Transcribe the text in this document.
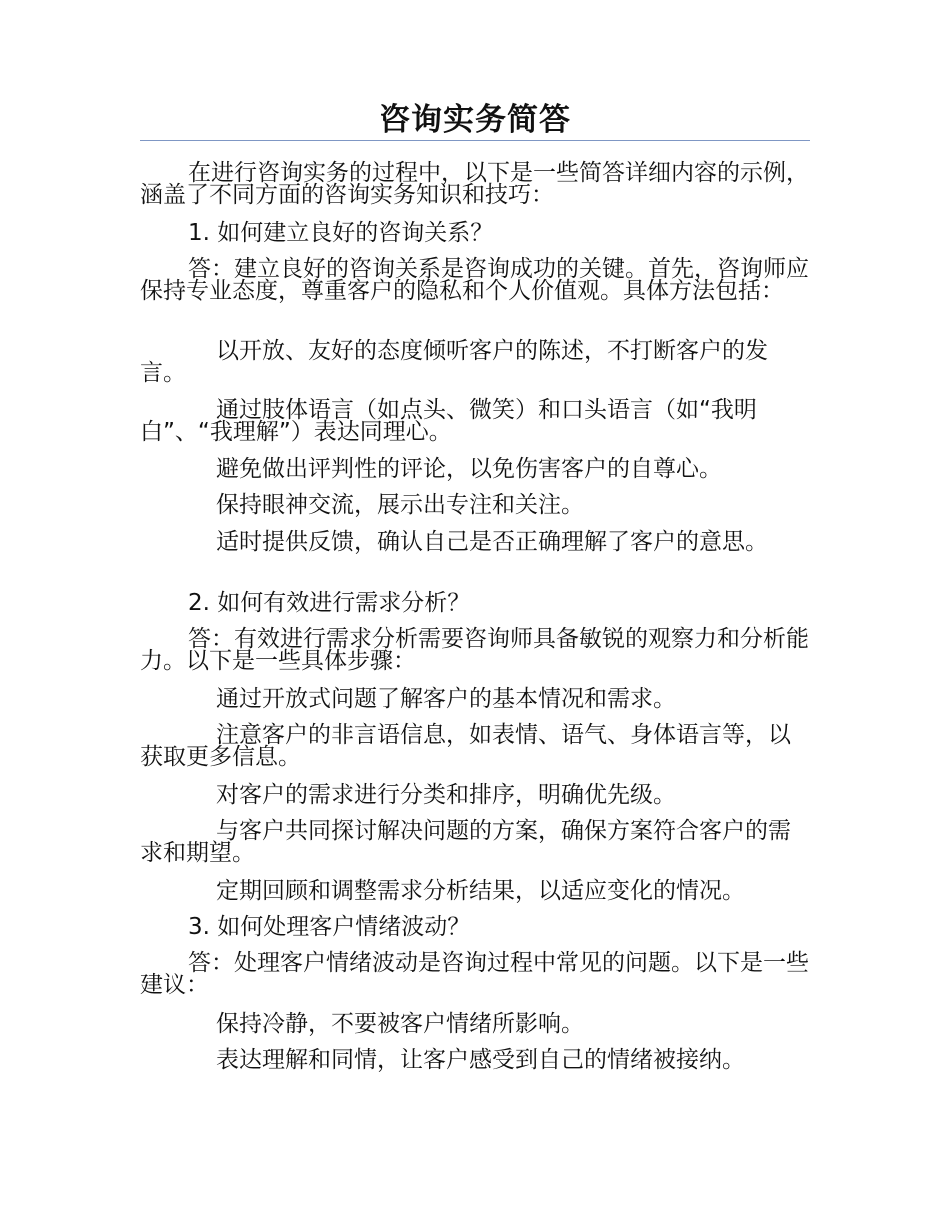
咨询实务简答

在进行咨询实务的过程中，以下是一些简答详细内容的示例，涵盖了不同方面的咨询实务知识和技巧：

1. 如何建立良好的咨询关系？

答：建立良好的咨询关系是咨询成功的关键。首先，咨询师应保持专业态度，尊重客户的隐私和个人价值观。具体方法包括：

以开放、友好的态度倾听客户的陈述，不打断客户的发言。

通过肢体语言（如点头、微笑）和口头语言（如“我明白”、“我理解”）表达同理心。

避免做出评判性的评论，以免伤害客户的自尊心。

保持眼神交流，展示出专注和关注。

适时提供反馈，确认自己是否正确理解了客户的意思。

2. 如何有效进行需求分析？

答：有效进行需求分析需要咨询师具备敏锐的观察力和分析能力。以下是一些具体步骤：

通过开放式问题了解客户的基本情况和需求。

注意客户的非言语信息，如表情、语气、身体语言等，以获取更多信息。

对客户的需求进行分类和排序，明确优先级。

与客户共同探讨解决问题的方案，确保方案符合客户的需求和期望。

定期回顾和调整需求分析结果，以适应变化的情况。

3. 如何处理客户情绪波动？

答：处理客户情绪波动是咨询过程中常见的问题。以下是一些建议：

保持冷静，不要被客户情绪所影响。

表达理解和同情，让客户感受到自己的情绪被接纳。
